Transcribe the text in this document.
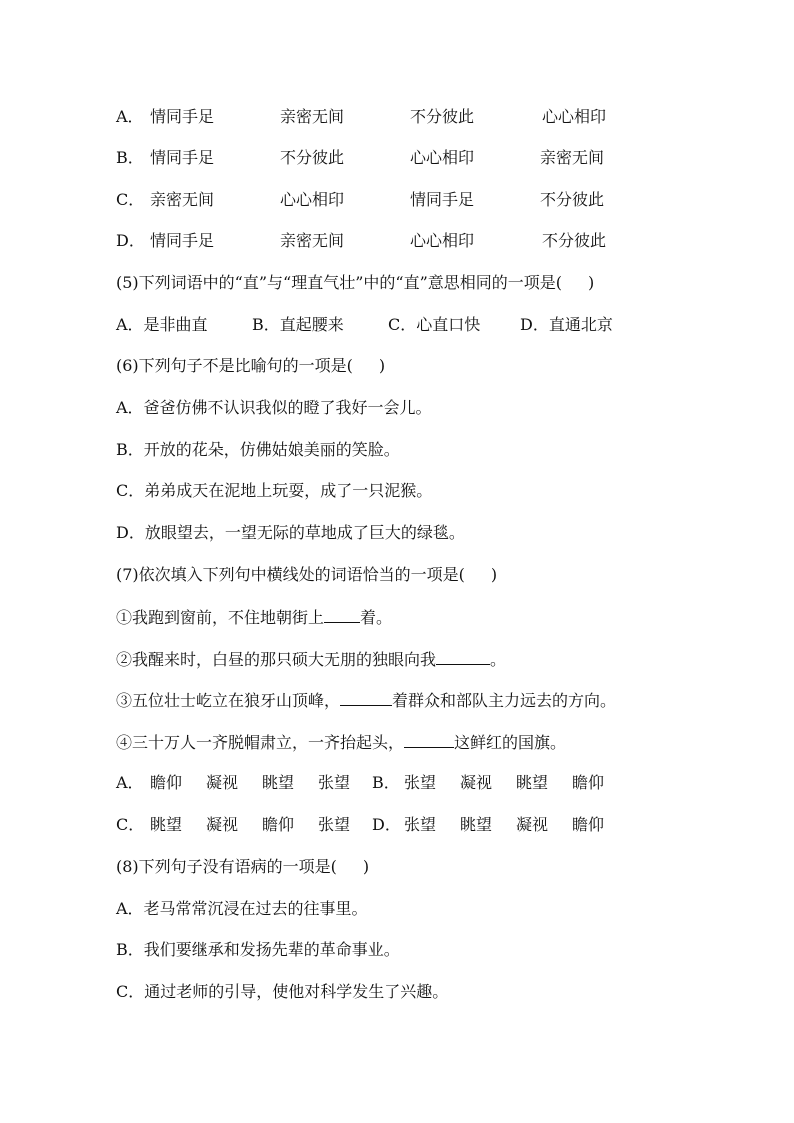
A． 情同手足	亲密无间	不分彼此	心心相印
B． 情同手足	不分彼此	心心相印	亲密无间
C． 亲密无间	心心相印	情同手足	不分彼此
D． 情同手足	亲密无间	心心相印	不分彼此
(5)下列词语中的“直”与“理直气壮”中的“直”意思相同的一项是( )
A．是非曲直	B．直起腰来	C．心直口快 D．直通北京
(6)下列句子不是比喻句的一项是( )
A．爸爸仿佛不认识我似的瞪了我好一会儿。
B．开放的花朵，仿佛姑娘美丽的笑脸。
C．弟弟成天在泥地上玩耍，成了一只泥猴。
D．放眼望去，一望无际的草地成了巨大的绿毯。
(7)依次填入下列句中横线处的词语恰当的一项是( )
①我跑到窗前，不住地朝街上 着。
②我醒来时，白昼的那只硕大无朋的独眼向我	。
③五位壮士屹立在狼牙山顶峰，	着群众和部队主力远去的方向。
④三十万人一齐脱帽肃立，一齐抬起头，	这鲜红的国旗。
A． 瞻仰 凝视 眺望 张望 B． 张望 凝视 眺望 瞻仰
C． 眺望 凝视 瞻仰 张望 D． 张望 眺望 凝视 瞻仰
(8)下列句子没有语病的一项是( )
A．老马常常沉浸在过去的往事里。
B．我们要继承和发扬先辈的革命事业。
C．通过老师的引导，使他对科学发生了兴趣。
